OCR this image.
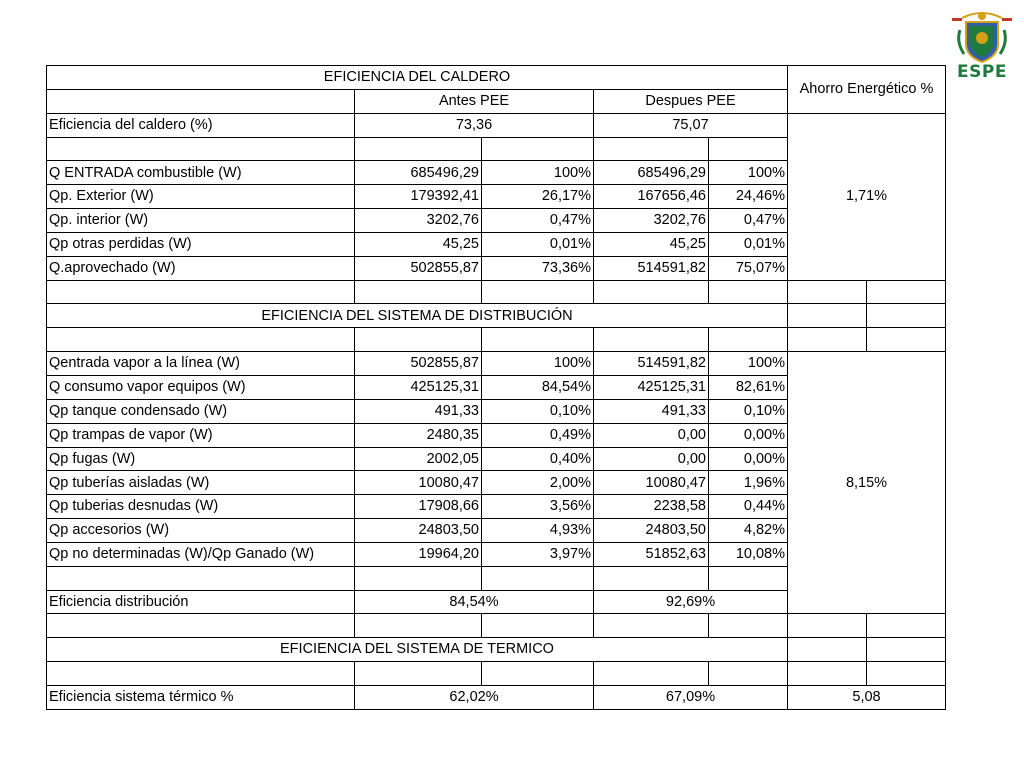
ESPE
EFICIENCIA DEL CALDERO					Ahorro Energético %	
	Antes PEE		Despues PEE			
Eficiencia del caldero (%)	73,36		75,07		1,71%	

Q ENTRADA combustible (W)	685496,29	100%	685496,29	100%		
Qp. Exterior (W)	179392,41	26,17%	167656,46	24,46%		
Qp. interior (W)	3202,76	0,47%	3202,76	0,47%		
Qp otras perdidas (W)	45,25	0,01%	45,25	0,01%		
Q.aprovechado (W)	502855,87	73,36%	514591,82	75,07%		

EFICIENCIA DEL SISTEMA DE DISTRIBUCIÓN						

Qentrada vapor a la línea (W)	502855,87	100%	514591,82	100%	8,15%	
Q consumo vapor equipos (W)	425125,31	84,54%	425125,31	82,61%		
Qp tanque condensado (W)	491,33	0,10%	491,33	0,10%		
Qp trampas de vapor (W)	2480,35	0,49%	0,00	0,00%		
Qp fugas (W)	2002,05	0,40%	0,00	0,00%		
Qp tuberías aisladas (W)	10080,47	2,00%	10080,47	1,96%		
Qp tuberias desnudas (W)	17908,66	3,56%	2238,58	0,44%		
Qp accesorios (W)	24803,50	4,93%	24803,50	4,82%		
Qp no determinadas (W)/Qp Ganado (W)	19964,20	3,97%	51852,63	10,08%		

Eficiencia distribución	84,54%		92,69%			

EFICIENCIA DEL SISTEMA DE TERMICO						

Eficiencia sistema térmico %	62,02%		67,09%		5,08	
